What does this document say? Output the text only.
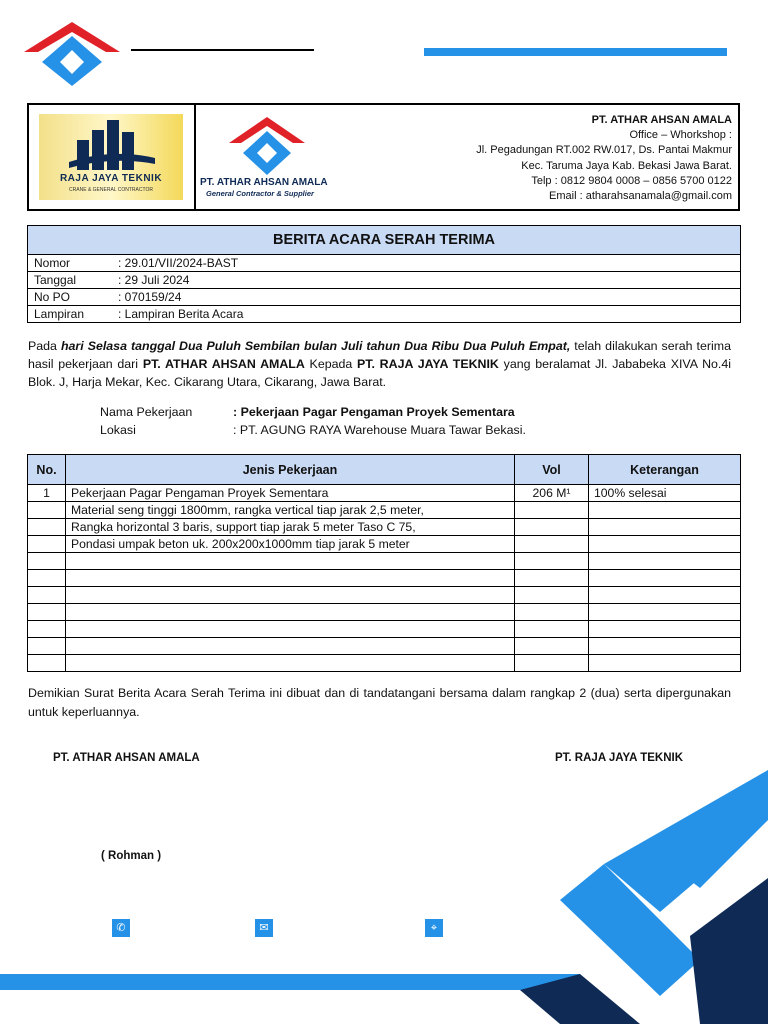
RAJA JAYA TEKNIK
CRANE & GENERAL CONTRACTOR
PT. ATHAR AHSAN AMALA
General Contractor & Supplier
PT. ATHAR AHSAN AMALA
Office – Whorkshop :
Jl. Pegadungan RT.002 RW.017, Ds. Pantai Makmur
Kec. Taruma Jaya Kab. Bekasi Jawa Barat.
Telp : 0812 9804 0008 – 0856 5700 0122
Email : atharahsanamala@gmail.com
BERITA ACARA SERAH TERIMA
Nomor	: 29.01/VII/2024-BAST
Tanggal	: 29 Juli 2024
No PO	: 070159/24
Lampiran	: Lampiran Berita Acara
Pada hari Selasa tanggal Dua Puluh Sembilan bulan Juli tahun Dua Ribu Dua Puluh Empat, telah dilakukan serah terima hasil pekerjaan dari PT. ATHAR AHSAN AMALA Kepada PT. RAJA JAYA TEKNIK yang beralamat Jl. Jababeka XIVA No.4i Blok. J, Harja Mekar, Kec. Cikarang Utara, Cikarang, Jawa Barat.
Nama Pekerjaan	: Pekerjaan Pagar Pengaman Proyek Sementara
Lokasi	: PT. AGUNG RAYA Warehouse Muara Tawar Bekasi.
No.	Jenis Pekerjaan	Vol	Keterangan
1	Pekerjaan Pagar Pengaman Proyek Sementara	206 M¹	100% selesai
	Material seng tinggi 1800mm, rangka vertical tiap jarak 2,5 meter,		
	Rangka horizontal 3 baris, support tiap jarak 5 meter Taso C 75,		
	Pondasi umpak beton uk. 200x200x1000mm tiap jarak 5 meter		

Demikian Surat Berita Acara Serah Terima ini dibuat dan di tandatangani bersama dalam rangkap 2 (dua) serta dipergunakan untuk keperluannya.
PT. ATHAR AHSAN AMALA	PT. RAJA JAYA TEKNIK
( Rohman )
✆	✉	⌖
